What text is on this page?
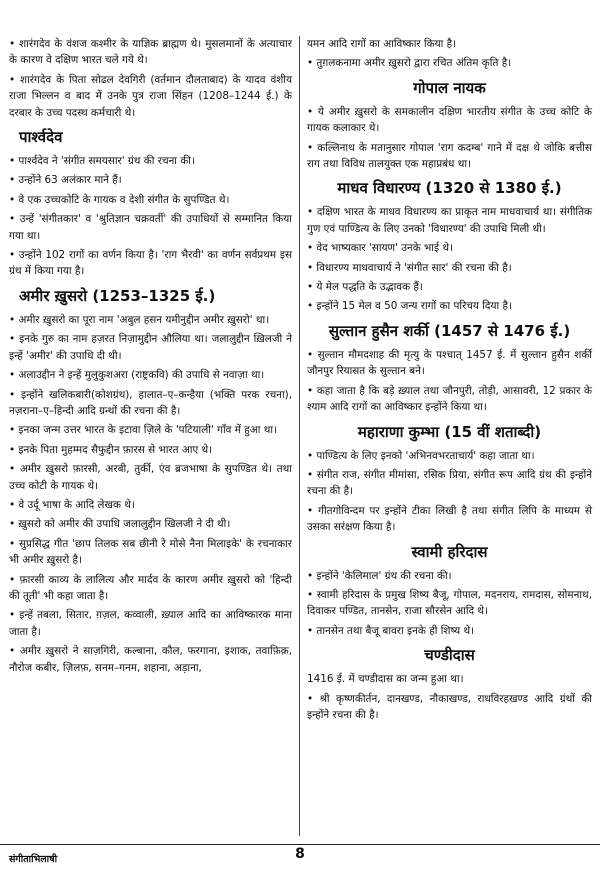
• शारंगदेव के वंशज कश्मीर के याज्ञिक ब्राह्मण थे। मुसलमानों के अत्याचार के कारण वे दक्षिण भारत चले गये थे।

• शारंगदेव के पिता सोढल देवगिरी (वर्तमान दौलताबाद) के यादव वंशीय राजा भिल्लन व बाद में उनके पुत्र राजा सिंहन (1208–1244 ई.) के दरबार के उच्च पदस्थ कर्मचारी थे।

पार्श्वदेव

• पार्श्वदेव ने 'संगीत समयसार' ग्रंथ की रचना की।

• उन्होंने 63 अलंकार माने हैं।

• वे एक उच्चकोटि के गायक व देशी संगीत के सुपण्डित थे।

• उन्हें 'संगीतकार' व 'श्रुतिज्ञान चक्रवर्ती' की उपाधियों से सम्मानित किया गया था।

• उन्होंने 102 रागों का वर्णन किया है। 'राग भैरवी' का वर्णन सर्वप्रथम इस ग्रंथ में किया गया है।

अमीर ख़ुसरो (1253–1325 ई.)

• अमीर ख़ुसरो का पूरा नाम 'अबुल हसन यमीनुद्दीन अमीर ख़ुसरो' था।

• इनके गुरु का नाम हज़रत निज़ामुद्दीन औलिया था। जलालुद्दीन ख़िलजी ने इन्हें 'अमीर' की उपाधि दी थी।

• अलाउद्दीन ने इन्हें मुलुकुशअरा (राष्ट्रकवि) की उपाधि से नवाज़ा था।

• इन्होंने खलिकबारी(कोशग्रंथ), हालात–ए–कन्हैया (भक्ति परक रचना), नज़राना–ए–हिन्दी आदि ग्रन्थों की रचना की है।

• इनका जन्म उत्तर भारत के इटावा ज़िले के 'पटियाली' गाँव में हुआ था।

• इनके पिता मुहम्मद सैफुद्दीन फ़ारस से भारत आए थे।

• अमीर ख़ुसरो फ़ारसी, अरबी, तुर्की, एंव ब्रजभाषा के सुपण्डित थे। तथा उच्च कोटी के गायक थे।

• वे उर्दू भाषा के आदि लेखक थे।

• ख़ुसरो को अमीर की उपाधि जलालुद्दीन खिलजी ने दी थी।

• सुप्रसिद्ध गीत 'छाप तिलक सब छीनी रे मोसे नैना मिलाइके' के रचनाकार भी अमीर ख़ुसरो है।

• फ़ारसी काव्य के लालित्य और मार्दव के कारण अमीर ख़ुसरो को 'हिन्दी की तूती' भी कहा जाता है।

• इन्हें तबला, सितार, ग़ज़ल, कव्वाली, ख़्याल आदि का आविष्कारक माना जाता है।

• अमीर ख़ुसरो ने साज़गिरी, कल्बाना, कौल, फरगाना, इशाक, तवाफ़िक़, नौरोज कबीर, ज़िलफ़, सनम–गनम, शहाना, अड़ाना,

यमन आदि रागों का आविष्कार किया है।

• तुग़लकनामा अमीर ख़ुसरो द्वारा रचित अंतिम कृति है।

गोपाल नायक

• ये अमीर ख़ुसरो के समकालीन दक्षिण भारतीय संगीत के उच्च कोटि के गायक कलाकार थे।

• कल्लिनाथ के मतानुसार गोपाल 'राग कदम्ब' गाने में दक्ष थे जोकि बत्तीस राग तथा विविध तालयुक्त एक महाप्रबंध था।

माधव विधारण्य (1320 से 1380 ई.)

• दक्षिण भारत के माधव विधारण्य का प्राकृत नाम माधवाचार्य था। संगीतिक गुण एवं पाण्डित्य के लिए उनको 'विधारण्य' की उपाधि मिली थी।

• वेद भाष्यकार 'सायण' उनके भाई थे।

• विधारण्य माधवाचार्य ने 'संगीत सार' की रचना की है।

• ये मेल पद्धति के उद्भावक हैं।

• इन्होंने 15 मेल व 50 जन्य रागों का परिचय दिया है।

सुल्तान हुसैन शर्की (1457 से 1476 ई.)

• सुल्तान मौमदशाह की मृत्यु के पश्चात् 1457 ई. में सुल्तान हुसैन शर्की जौनपुर रियासत के सुल्तान बने।

• कहा जाता है कि बड़े ख़्याल तथा जौनपुरी, तोड़ी, आसावरी, 12 प्रकार के श्याम आदि रागों का आविष्कार इन्होंने किया था।

महाराणा कुम्भा (15 वीं शताब्दी)

• पाण्डित्य के लिए इनको 'अभिनवभरताचार्य' कहा जाता था।

• संगीत राज, संगीत मीमांसा, रसिक प्रिया, संगीत रूप आदि ग्रंथ की इन्होंने रचना की है।

• गीतगोविन्दम पर इन्होंने टीका लिखी है तथा संगीत लिपि के माध्यम से उसका सरंक्षण किया है।

स्वामी हरिदास

• इन्होंने 'केलिमाल' ग्रंथ की रचना की।

• स्वामी हरिदास के प्रमुख शिष्य बैजू, गोपाल, मदनराय, रामदास, सोमनाथ, दिवाकर पण्डित, तानसेन, राजा सौरसेन आदि थे।

• तानसेन तथा बैजू बावरा इनके ही शिष्य थे।

चण्डीदास

1416 ई. में चण्डीदास का जन्म हुआ था।

• श्री कृष्णकीर्तन, दानखण्ड, नौकाखण्ड, राधविरहखण्ड आदि ग्रंथों की इन्होंने रचना की है।

संगीताभिलाषी	8
